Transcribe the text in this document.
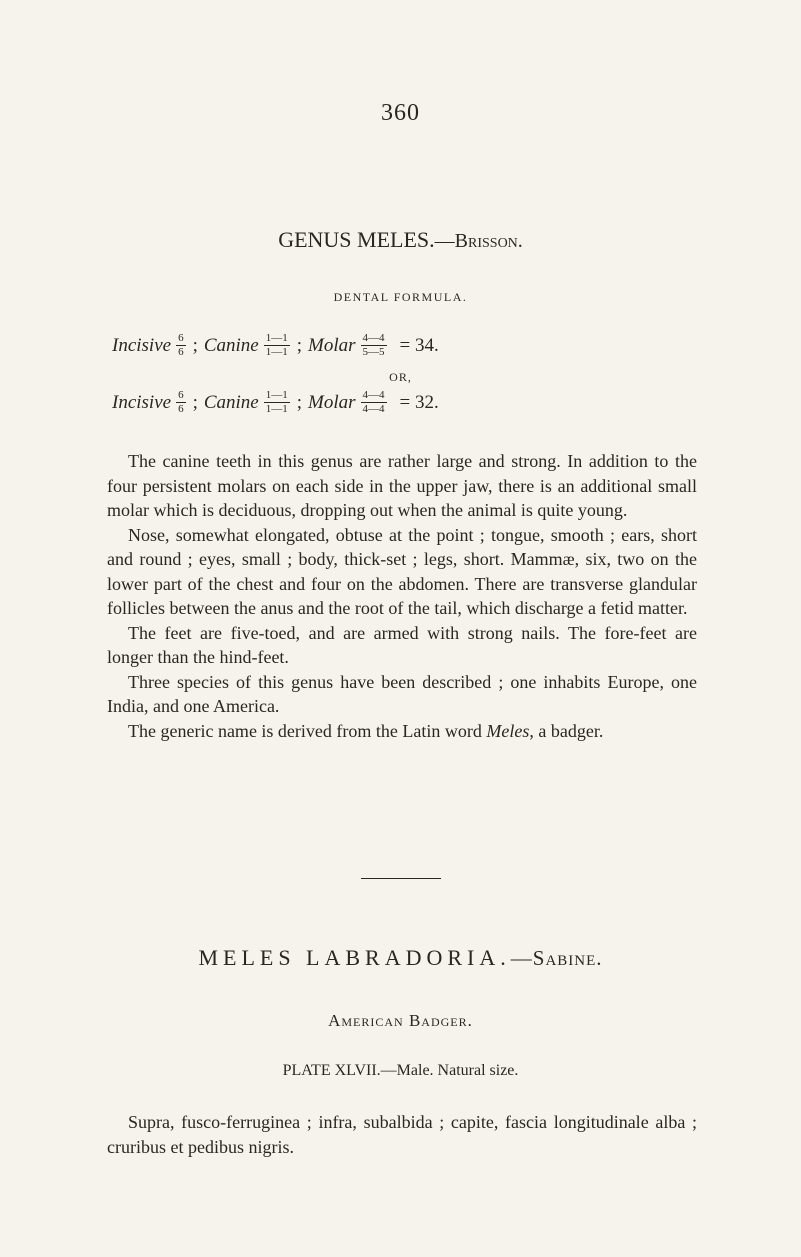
360
GENUS MELES.—Brisson.
DENTAL FORMULA.
Incisive $\frac{6}{6}$ ; Canine $\frac{1—1}{1—1}$ ; Molar $\frac{4—4}{5—5} = 34$.
OR,
Incisive $\frac{6}{6}$ ; Canine $\frac{1—1}{1—1}$ ; Molar $\frac{4—4}{4—4} = 32$.

The canine teeth in this genus are rather large and strong. In addition to the four persistent molars on each side in the upper jaw, there is an additional small molar which is deciduous, dropping out when the animal is quite young.

Nose, somewhat elongated, obtuse at the point ; tongue, smooth ; ears, short and round ; eyes, small ; body, thick-set ; legs, short. Mammæ, six, two on the lower part of the chest and four on the abdomen. There are transverse glandular follicles between the anus and the root of the tail, which discharge a fetid matter.

The feet are five-toed, and are armed with strong nails. The fore-feet are longer than the hind-feet.

Three species of this genus have been described ; one inhabits Europe, one India, and one America.

The generic name is derived from the Latin word Meles, a badger.

MELES LABRADORIA.—Sabine.
American Badger.
PLATE XLVII.—Male. Natural size.

Supra, fusco-ferruginea ; infra, subalbida ; capite, fascia longitudinale alba ; cruribus et pedibus nigris.
